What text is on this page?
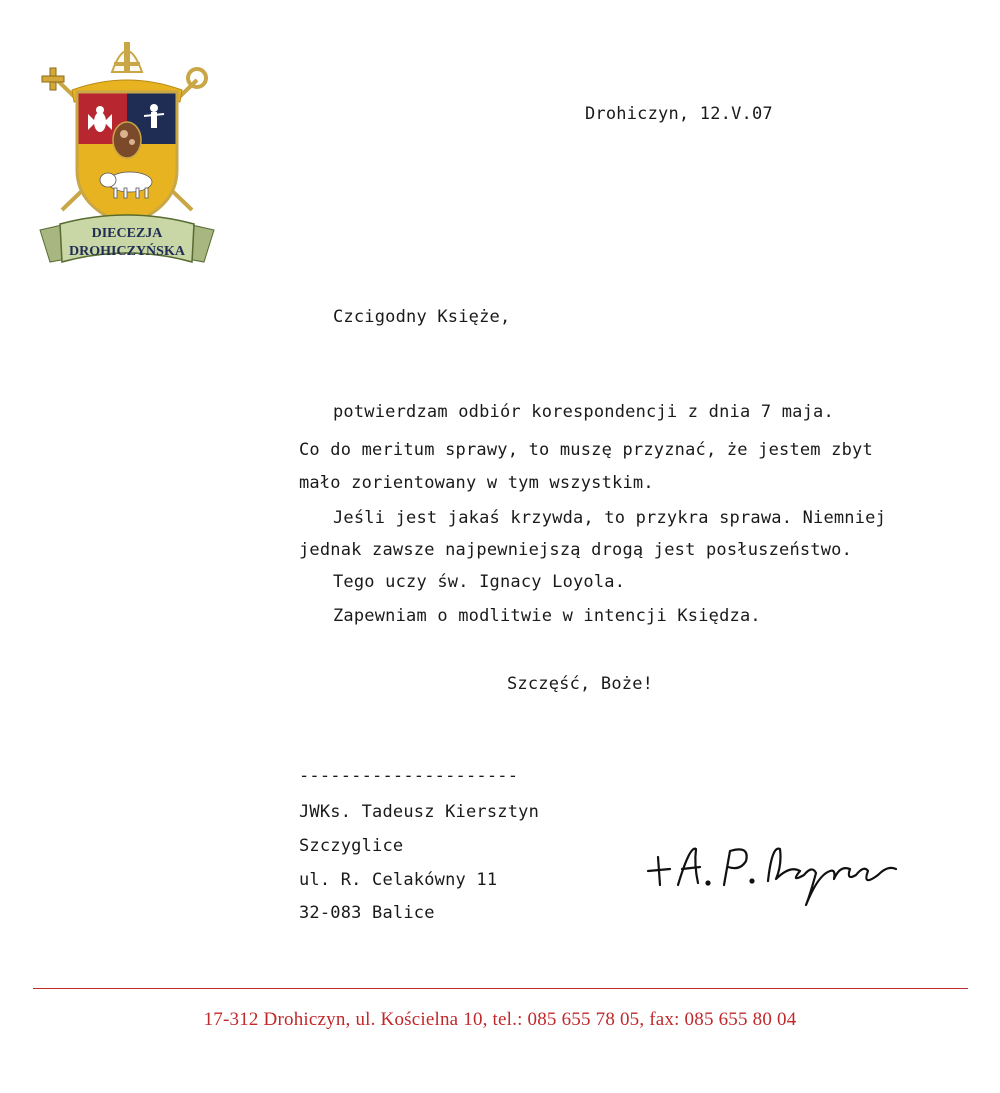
DIECEZJA
DROHICZYŃSKA
Drohiczyn, 12.V.07
Czcigodny Księże,
potwierdzam odbiór korespondencji z dnia 7 maja.
Co do meritum sprawy, to muszę przyznać, że jestem zbyt
mało zorientowany w tym wszystkim.
Jeśli jest jakaś krzywda, to przykra sprawa. Niemniej
jednak zawsze najpewniejszą drogą jest posłuszeństwo.
Tego uczy św. Ignacy Loyola.
Zapewniam o modlitwie w intencji Księdza.
Szczęść, Boże!
---------------------
JWKs. Tadeusz Kiersztyn
Szczyglice
ul. R. Celakówny 11
32-083 Balice
17-312 Drohiczyn, ul. Kościelna 10, tel.: 085 655 78 05, fax: 085 655 80 04
